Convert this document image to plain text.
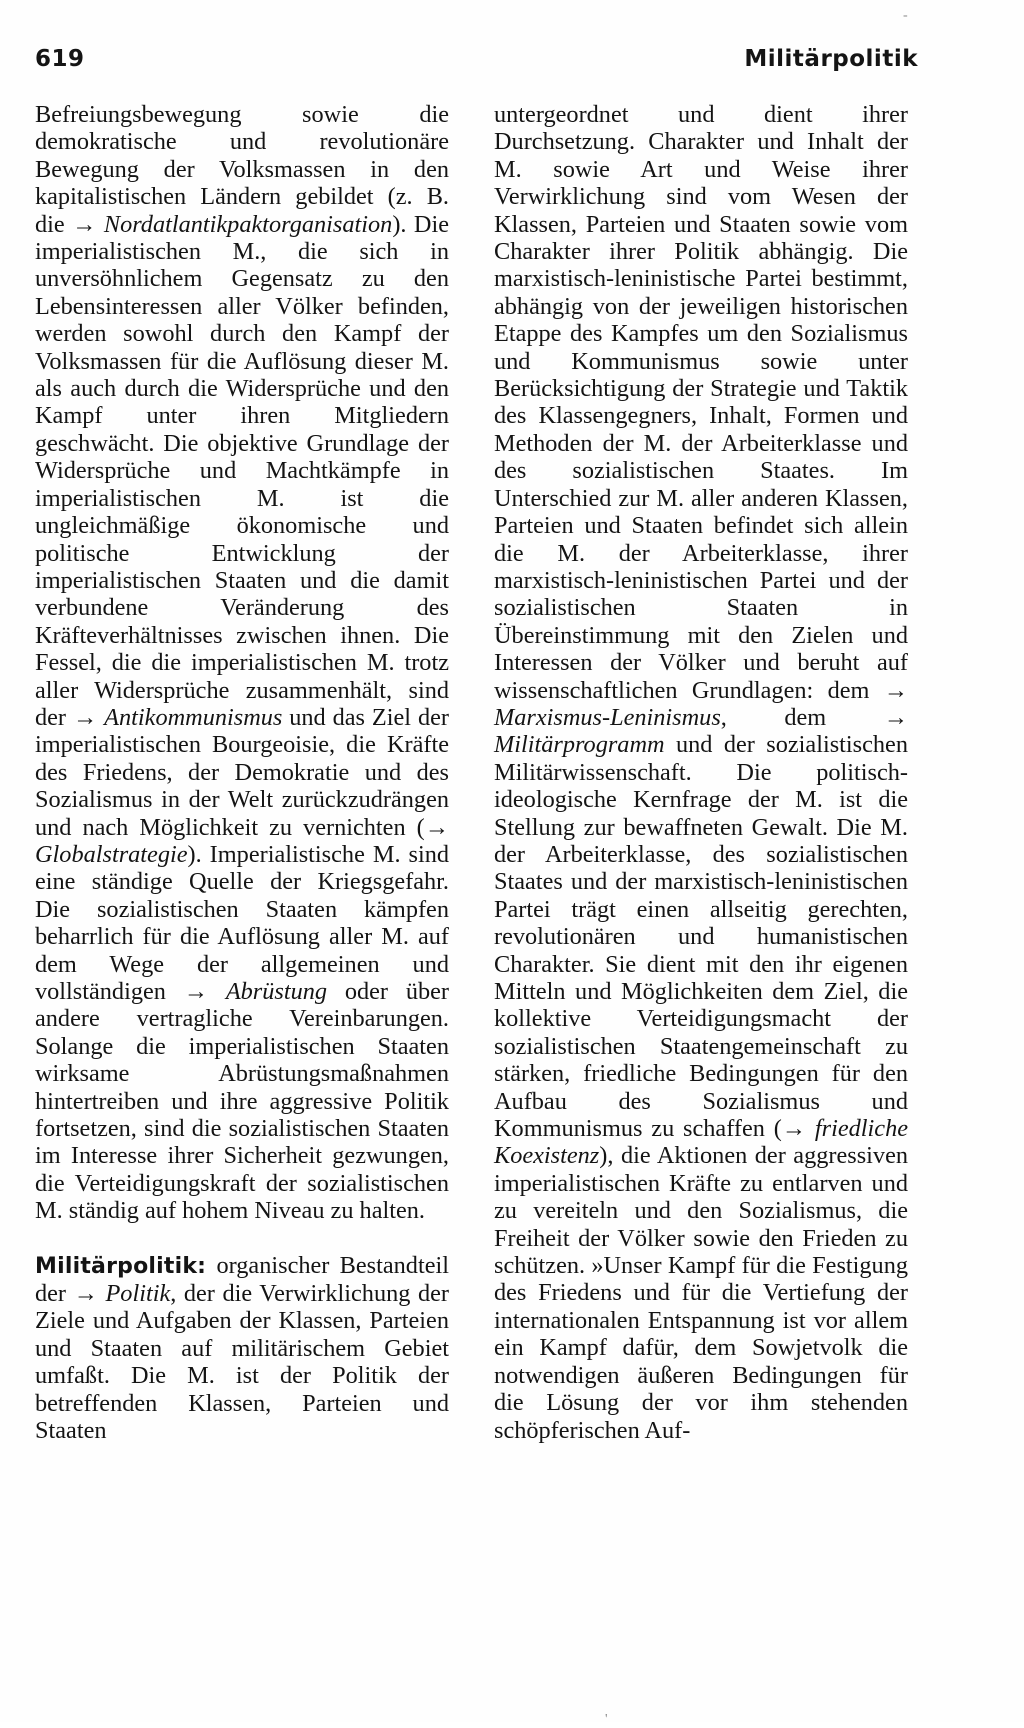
619	Militärpolitik

Befreiungsbewegung sowie die demokratische und revolutionäre Bewegung der Volksmassen in den kapitalistischen Ländern gebildet (z. B. die → Nordatlantikpaktorganisation). Die imperialistischen M., die sich in unversöhnlichem Gegensatz zu den Lebensinteressen aller Völker befinden, werden sowohl durch den Kampf der Volksmassen für die Auflösung dieser M. als auch durch die Widersprüche und den Kampf unter ihren Mitgliedern geschwächt. Die objektive Grundlage der Widersprüche und Machtkämpfe in imperialistischen M. ist die ungleichmäßige ökonomische und politische Entwicklung der imperialistischen Staaten und die damit verbundene Veränderung des Kräfteverhältnisses zwischen ihnen. Die Fessel, die die imperialistischen M. trotz aller Widersprüche zusammenhält, sind der → Antikommunismus und das Ziel der imperialistischen Bourgeoisie, die Kräfte des Friedens, der Demokratie und des Sozialismus in der Welt zurückzudrängen und nach Möglichkeit zu vernichten (→ Globalstrategie). Imperialistische M. sind eine ständige Quelle der Kriegsgefahr. Die sozialistischen Staaten kämpfen beharrlich für die Auflösung aller M. auf dem Wege der allgemeinen und vollständigen → Abrüstung oder über andere vertragliche Vereinbarungen. Solange die imperialistischen Staaten wirksame Abrüstungsmaßnahmen hintertreiben und ihre aggressive Politik fortsetzen, sind die sozialistischen Staaten im Interesse ihrer Sicherheit gezwungen, die Verteidigungskraft der sozialistischen M. ständig auf hohem Niveau zu halten.

Militärpolitik: organischer Bestandteil der → Politik, der die Verwirklichung der Ziele und Aufgaben der Klassen, Parteien und Staaten auf militärischem Gebiet umfaßt. Die M. ist der Politik der betreffenden Klassen, Parteien und Staaten

untergeordnet und dient ihrer Durchsetzung. Charakter und Inhalt der M. sowie Art und Weise ihrer Verwirklichung sind vom Wesen der Klassen, Parteien und Staaten sowie vom Charakter ihrer Politik abhängig. Die marxistisch-leninistische Partei bestimmt, abhängig von der jeweiligen historischen Etappe des Kampfes um den Sozialismus und Kommunismus sowie unter Berücksichtigung der Strategie und Taktik des Klassengegners, Inhalt, Formen und Methoden der M. der Arbeiterklasse und des sozialistischen Staates. Im Unterschied zur M. aller anderen Klassen, Parteien und Staaten befindet sich allein die M. der Arbeiterklasse, ihrer marxistisch-leninistischen Partei und der sozialistischen Staaten in Übereinstimmung mit den Zielen und Interessen der Völker und beruht auf wissenschaftlichen Grundlagen: dem → Marxismus-Leninismus, dem → Militärprogramm und der sozialistischen Militärwissenschaft. Die politisch-ideologische Kernfrage der M. ist die Stellung zur bewaffneten Gewalt. Die M. der Arbeiterklasse, des sozialistischen Staates und der marxistisch-leninistischen Partei trägt einen allseitig gerechten, revolutionären und humanistischen Charakter. Sie dient mit den ihr eigenen Mitteln und Möglichkeiten dem Ziel, die kollektive Verteidigungsmacht der sozialistischen Staatengemeinschaft zu stärken, friedliche Bedingungen für den Aufbau des Sozialismus und Kommunismus zu schaffen (→ friedliche Koexistenz), die Aktionen der aggressiven imperialistischen Kräfte zu entlarven und zu vereiteln und den Sozialismus, die Freiheit der Völker sowie den Frieden zu schützen. »Unser Kampf für die Festigung des Friedens und für die Vertiefung der internationalen Entspannung ist vor allem ein Kampf dafür, dem Sowjetvolk die notwendigen äußeren Bedingungen für die Lösung der vor ihm stehenden schöpferischen Auf-

-
'
